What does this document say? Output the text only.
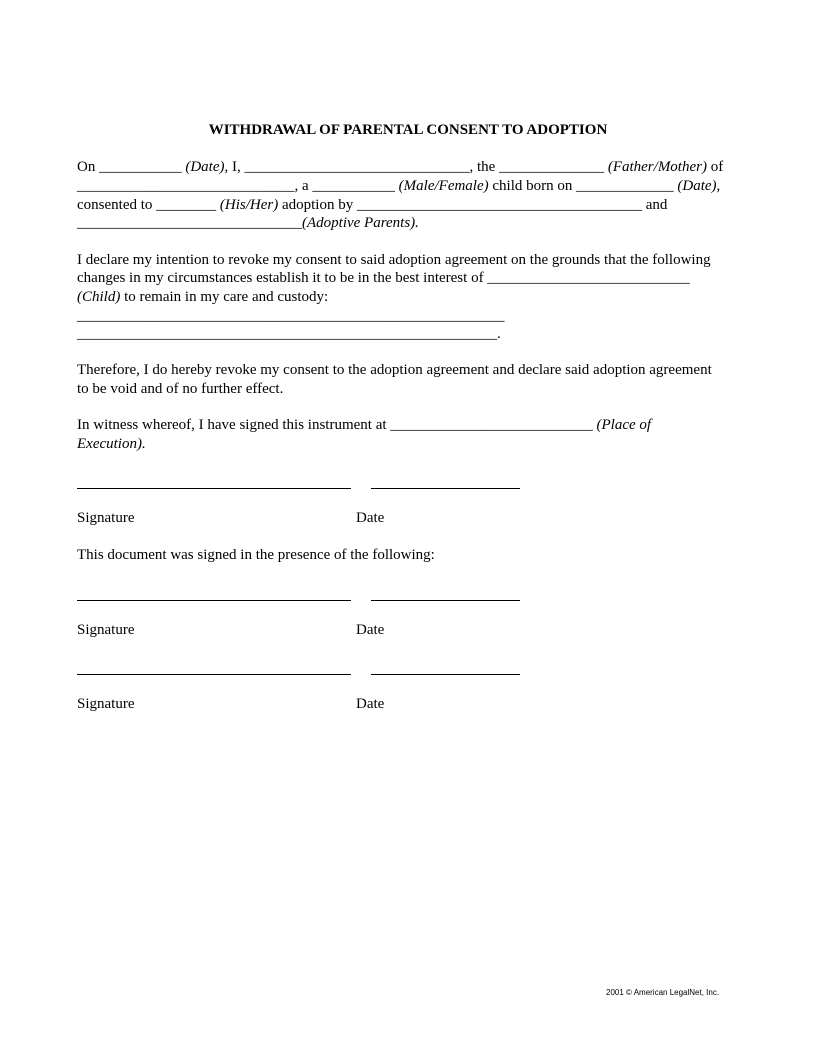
WITHDRAWAL OF PARENTAL CONSENT TO ADOPTION
On ___________ (Date), I, ______________________________, the ______________ (Father/Mother) of
_____________________________, a ___________ (Male/Female) child born on _____________ (Date),
consented to ________ (His/Her) adoption by ______________________________________ and
______________________________(Adoptive Parents).
I declare my intention to revoke my consent to said adoption agreement on the grounds that the following
changes in my circumstances establish it to be in the best interest of ___________________________
(Child) to remain in my care and custody:
_________________________________________________________
________________________________________________________.
Therefore, I do hereby revoke my consent to the adoption agreement and declare said adoption agreement
to be void and of no further effect.
In witness whereof, I have signed this instrument at ___________________________ (Place of
Execution).
Signature	Date
This document was signed in the presence of the following:
Signature	Date
Signature	Date
2001 © American LegalNet, Inc.
